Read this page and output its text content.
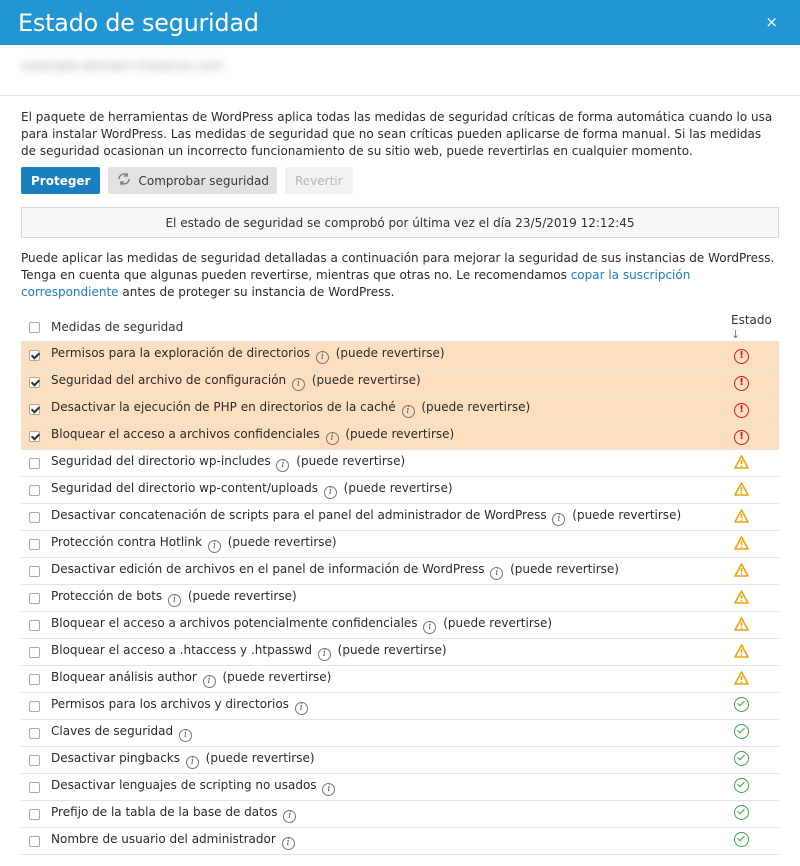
Estado de seguridad	×
example-domain-instance.com

El paquete de herramientas de WordPress aplica todas las medidas de seguridad críticas de forma automática cuando lo usa para instalar WordPress. Las medidas de seguridad que no sean críticas pueden aplicarse de forma manual. Si las medidas de seguridad ocasionan un incorrecto funcionamiento de su sitio web, puede revertirlas en cualquier momento.

Proteger	Comprobar seguridad	Revertir
El estado de seguridad se comprobó por última vez el día 23/5/2019 12:12:45

Puede aplicar las medidas de seguridad detalladas a continuación para mejorar la seguridad de sus instancias de WordPress. Tenga en cuenta que algunas pueden revertirse, mientras que otras no. Le recomendamos copar la suscripción correspondiente antes de proteger su instancia de WordPress.

	Medidas de seguridad	Estado ↓
	Permisos para la exploración de directorios i (puede revertirse)	!
	Seguridad del archivo de configuración i (puede revertirse)	!
	Desactivar la ejecución de PHP en directorios de la caché i (puede revertirse)	!
	Bloquear el acceso a archivos confidenciales i (puede revertirse)	!
	Seguridad del directorio wp-includes i (puede revertirse)	
	Seguridad del directorio wp-content/uploads i (puede revertirse)	
	Desactivar concatenación de scripts para el panel del administrador de WordPress i (puede revertirse)	
	Protección contra Hotlink i (puede revertirse)	
	Desactivar edición de archivos en el panel de información de WordPress i (puede revertirse)	
	Protección de bots i (puede revertirse)	
	Bloquear el acceso a archivos potencialmente confidenciales i (puede revertirse)	
	Bloquear el acceso a .htaccess y .htpasswd i (puede revertirse)	
	Bloquear análisis author i (puede revertirse)	
	Permisos para los archivos y directorios i	
	Claves de seguridad i	
	Desactivar pingbacks i (puede revertirse)	
	Desactivar lenguajes de scripting no usados i	
	Prefijo de la tabla de la base de datos i	
	Nombre de usuario del administrador i	
